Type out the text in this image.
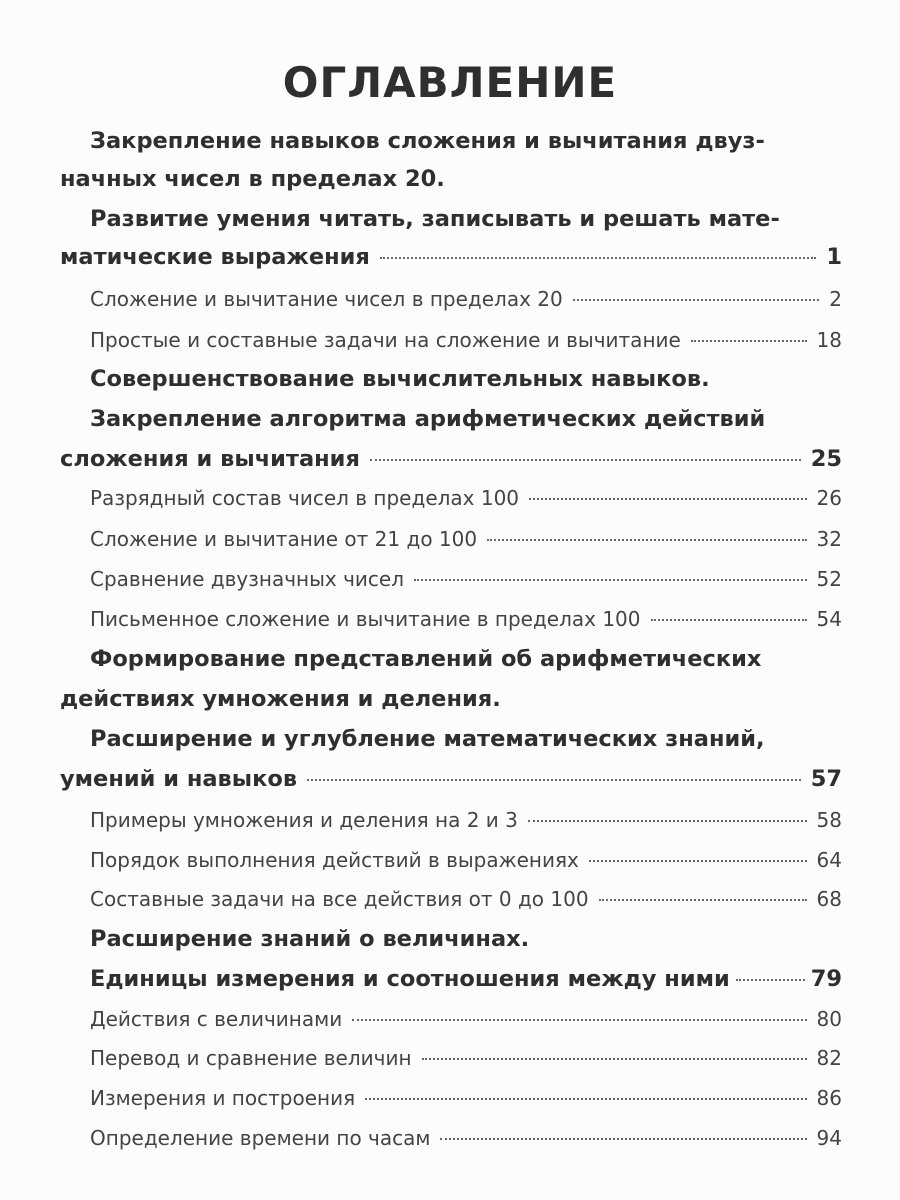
ОГЛАВЛЕНИЕ
Закрепление навыков сложения и вычитания двуз-
начных чисел в пределах 20.
Развитие умения читать, записывать и решать мате-
матические выражения	1
Сложение и вычитание чисел в пределах 20	2
Простые и составные задачи на сложение и вычитание	18
Совершенствование вычислительных навыков.
Закрепление алгоритма арифметических действий
сложения и вычитания	25
Разрядный состав чисел в пределах 100	26
Сложение и вычитание от 21 до 100	32
Сравнение двузначных чисел	52
Письменное сложение и вычитание в пределах 100	54
Формирование представлений об арифметических
действиях умножения и деления.
Расширение и углубление математических знаний,
умений и навыков	57
Примеры умножения и деления на 2 и 3	58
Порядок выполнения действий в выражениях	64
Составные задачи на все действия от 0 до 100	68
Расширение знаний о величинах.
Единицы измерения и соотношения между ними	79
Действия с величинами	80
Перевод и сравнение величин	82
Измерения и построения	86
Определение времени по часам	94
